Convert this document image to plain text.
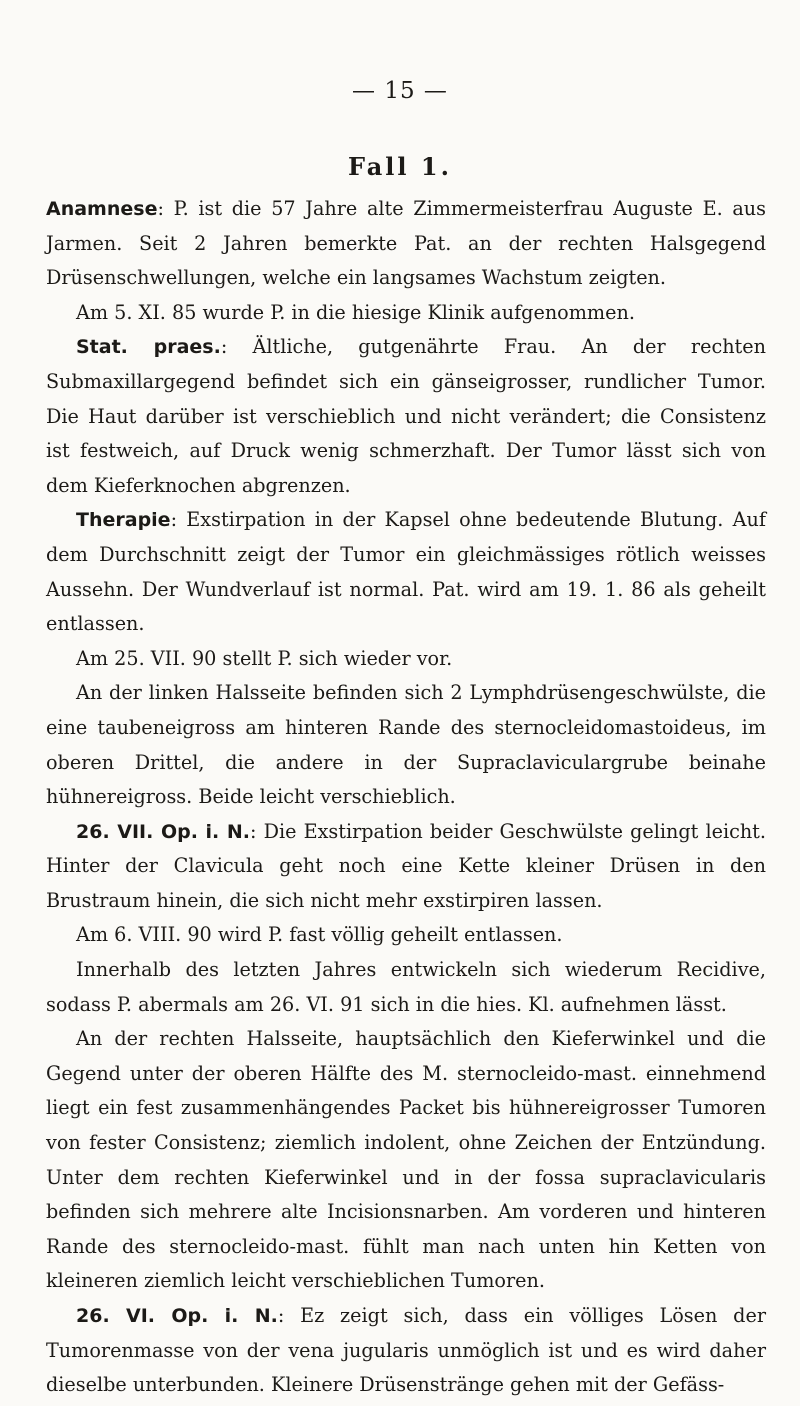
— 15 —
Fall 1.

Anamnese: P. ist die 57 Jahre alte Zimmermeisterfrau Auguste E. aus Jarmen. Seit 2 Jahren bemerkte Pat. an der rechten Halsgegend Drüsenschwellungen, welche ein langsames Wachstum zeigten.

Am 5. XI. 85 wurde P. in die hiesige Klinik aufgenommen.

Stat. praes.: Ältliche, gutgenährte Frau. An der rechten Submaxillargegend befindet sich ein gänseigrosser, rundlicher Tumor. Die Haut darüber ist verschieblich und nicht verändert; die Consistenz ist festweich, auf Druck wenig schmerzhaft. Der Tumor lässt sich von dem Kieferknochen abgrenzen.

Therapie: Exstirpation in der Kapsel ohne bedeutende Blutung. Auf dem Durchschnitt zeigt der Tumor ein gleichmässiges rötlich weisses Aussehn. Der Wundverlauf ist normal. Pat. wird am 19. 1. 86 als geheilt entlassen.

Am 25. VII. 90 stellt P. sich wieder vor.

An der linken Halsseite befinden sich 2 Lymphdrüsengeschwülste, die eine taubeneigross am hinteren Rande des sternocleidomastoideus, im oberen Drittel, die andere in der Supraclaviculargrube beinahe hühnereigross. Beide leicht verschieblich.

26. VII. Op. i. N.: Die Exstirpation beider Geschwülste gelingt leicht. Hinter der Clavicula geht noch eine Kette kleiner Drüsen in den Brustraum hinein, die sich nicht mehr exstirpiren lassen.

Am 6. VIII. 90 wird P. fast völlig geheilt entlassen.

Innerhalb des letzten Jahres entwickeln sich wiederum Recidive, sodass P. abermals am 26. VI. 91 sich in die hies. Kl. aufnehmen lässt.

An der rechten Halsseite, hauptsächlich den Kieferwinkel und die Gegend unter der oberen Hälfte des M. sternocleido-mast. einnehmend liegt ein fest zusammenhängendes Packet bis hühnereigrosser Tumoren von fester Consistenz; ziemlich indolent, ohne Zeichen der Entzündung. Unter dem rechten Kieferwinkel und in der fossa supraclavicularis befinden sich mehrere alte Incisionsnarben. Am vorderen und hinteren Rande des sternocleido-mast. fühlt man nach unten hin Ketten von kleineren ziemlich leicht verschieblichen Tumoren.

26. VI. Op. i. N.: Ez zeigt sich, dass ein völliges Lösen der Tumorenmasse von der vena jugularis unmöglich ist und es wird daher dieselbe unterbunden. Kleinere Drüsenstränge gehen mit der Gefäss-
